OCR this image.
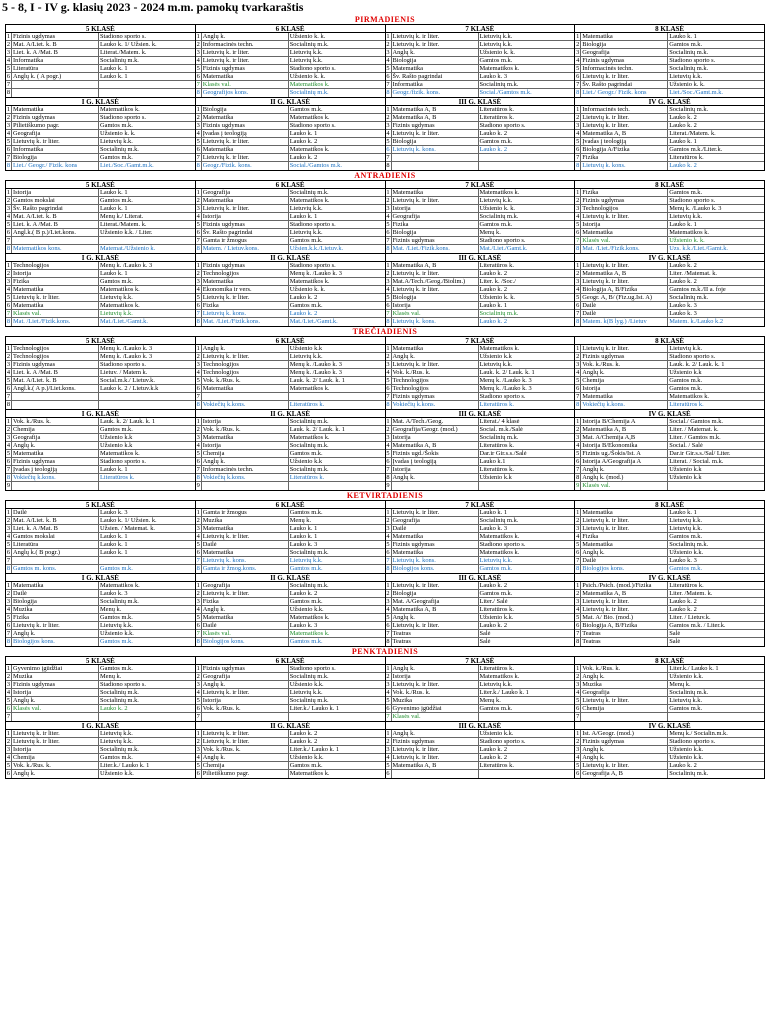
5 - 8, I - IV g. klasių 2023 - 2024 m.m. pamokų tvarkaraštis
PIRMADIENIS
5 KLASĖ
1 Fizinis ugdymas	Stadiono sporto s.
2 Mat. A/Liet. k. B	Lauko k. 1/ Užsien. k.
3 Liet. k. A /Mat. B	Literat./Matem. k.
4 Informatika	Socialinių m.k.
5 Literatūra	Lauko k. 1
6 Anglų k. ( A pogr.)	Lauko k. 1
7
8
6 KLASĖ
1 Anglų k.	Užsienio k. k.
2 Informacinės techn.	Socialinių m.k.
3 Lietuvių k. ir liter.	Lietuvių k.k.
4 Lietuvių k. ir liter.	Lietuvių k.k.
5 Fizinis ugdymas	Stadiono sporto s.
6 Matematika	Užsienio k. k.
7 Klasės val.	Matematikos k.
8 Geografijos kons.	Socialinių m.k.
7 KLASĖ
1 Lietuvių k. ir liter.	Lietuvių k.k.
2 Lietuvių k. ir liter.	Lietuvių k.k.
3 Anglų k.	Užsienio k. k.
4 Biologija	Gamtos m.k.
5 Matematika	Matematikos k.
6 Šv. Rašto pagrindai	Lauko k. 3
7 Informatika	Socialinių m.k.
8 Geogr./fizik. kons.	Social./Gamtos m.k.
8 KLASĖ
1 Matematika	Lauko k. 1
2 Biologija	Gamtos m.k.
3 Geografija	Socialinių m.k.
4 Fizinis ugdymas	Stadiono sporto s.
5 Informacinės techn.	Socialinių m.k.
6 Lietuvių k. ir liter.	Lietuvių k.k.
7 Šv. Rašto pagrindai	Užsienio k. k.
8 Liet./ Geogr./ Fizik. kons	Liet./Soc./Gamt.m.k.
I G. KLASĖ
1 Matematika	Matematikos k.
2 Fizinis ugdymas	Stadiono sporto s.
3 Pilietiškumo pagr.	Gamtos m.k.
4 Geografija	Užsienio k. k.
5 Lietuvių k. ir liter.	Lietuvių k.k.
6 Informatika	Socialinių m.k.
7 Biologija	Gamtos m.k.
8 Liet./ Geogr./ Fizik. kons	Liet./Soc./Gamt.m.k.
II G. KLASĖ
1 Biologija	Gamtos m.k.
2 Matematika	Matematikos k.
3 Fizinis ugdymas	Stadiono sporto s.
4 Įvadas į teologiją	Lauko k. 1
5 Lietuvių k. ir liter.	Lauko k. 2
6 Matematika	Matematikos k.
7 Lietuvių k. ir liter.	Lauko k. 2
8 Geogr./Fizik. kons.	Social./Gamtos m.k.
III G. KLASĖ
1 Matematika A, B	Literatūros k.
2 Matematika A, B	Literatūros k.
3 Fizinis ugdymas	Stadiono sporto s.
4 Lietuvių k. ir liter.	Lauko k. 2
5 Biologija	Gamtos m.k.
6 Lietuvių k. kons.	Lauko k. 2
7
8
IV G. KLASĖ
1 Informacinės tech.	Socialinių m.k.
2 Lietuvių k. ir liter.	Lauko k. 2
3 Lietuvių k. ir liter.	Lauko k. 2
4 Matematika A, B	Literat./Matem. k.
5 Įvadas į teologiją	Lauko k. 1
6 Biologija A/Fizika	Gamtos m.k./Liter.k.
7 Fizika	Literatūros k.
8 Lietuvių k. kons.	Lauko k. 2
ANTRADIENIS
5 KLASĖ
1 Istorija	Lauko k. 1
2 Gamtos mokslai	Gamtos m.k.
3 Šv. Rašto pagrindai	Lauko k. 1
4 Mat. A/Liet. k. B	Menų k./ Literat.
5 Liet. k. A /Mat. B	Literat./Matem. k.
6 Angl.k.( B p.)/Liet.kons.	Užsienio k.k. / Liter.
7
8 Matematikos kons.	Matemat./Užsienio k.
6 KLASĖ
1 Geografija	Socialinių m.k.
2 Matematika	Matematikos k.
3 Lietuvių k. ir liter.	Lietuvių k.k.
4 Istorija	Lauko k. 1
5 Fizinis ugdymas	Stadiono sporto s.
6 Šv. Rašto pagrindai	Lietuvių k.k.
7 Gamta ir žmogus	Gamtos m.k.
8 Matem. / Lietuv.kons.	Užsien.k.k./Lietuv.k.
7 KLASĖ
1 Matematika	Matematikos k.
2 Lietuvių k. ir liter.	Lietuvių k.k.
3 Istorija	Užsienio k. k.
4 Geografija	Socialinių m.k.
5 Fizika	Gamtos m.k.
6 Biologija	Menų k.
7 Fizinis ugdymas	Stadiono sporto s.
8 Mat. /Liet./Fizik.kons.	Mat./Liet./Gamt.k.
8 KLASĖ
1 Fizika	Gamtos m.k.
2 Fizinis ugdymas	Stadiono sporto s.
3 Technologijos	Menų k. /Lauko k. 3
4 Lietuvių k. ir liter.	Lietuvių k.k.
5 Istorija	Lauko k. 1
6 Matematika	Matematikos k.
7 Klasės val.	Užsienio k. k.
8 Mat. /Liet./Fizik.kons.	Uzs. k.k./Liet./Gamt.k.
I G. KLASĖ
1 Technologijos	Menų k. /Lauko k. 3
2 Istorija	Lauko k. 1
3 Fizika	Gamtos m.k.
4 Matematika	Matematikos k.
5 Lietuvių k. ir liter.	Lietuvių k.k.
6 Matematika	Matematikos k.
7 Klasės val.	Lietuvių k.k.
8 Mat. /Liet./Fizik.kons.	Mat./Liet./Gamt.k.
II G. KLASĖ
1 Fizinis ugdymas	Stadiono sporto s.
2 Technologijos	Menų k. /Lauko k. 3
3 Matematika	Matematikos k.
4 Ekonomika ir vers.	Užsienio k. k.
5 Lietuvių k. ir liter.	Lauko k. 2
6 Fizika	Gamtos m.k.
7 Lietuvių k. kons.	Lauko k. 2
8 Mat. /Liet./Fizik.kons.	Mat./Liet./Gamt.k.
III G. KLASĖ
1 Matematika A, B	Literatūros k.
2 Lietuvių k. ir liter.	Lauko k. 2
3 Mat.A/Tech./Geog./Biolim.)	Liter. k. /Soc./
4 Lietuvių k. ir liter.	Lauko k. 2
5 Biologija	Užsienio k. k.
6 Istorija	Lauko k. 1
7 Klasės val.	Socialinių m.k.
8 Lietuvių k. kons.	Lauko k. 2
IV G. KLASĖ
1 Lietuvių k. ir liter.	Lauko k. 2
2 Matematika A, B	Liter. /Matemat. k.
3 Lietuvių k. ir liter.	Lauko k. 2
4 Biologija A, B/Fizika	Gamtos m.k./II a. foje
5 Geogr. A, B/ (Fiz.ug.Ist. A)	Socialinių m.k.
6 Dailė	Lauko k. 3
7 Dailė	Lauko k. 3
8 Matem. k(B lyg.) /Lietuv	Matem. k./Lauko k.2
TREČIADIENIS
5 KLASĖ
1 Technologijos	Menų k. /Lauko k. 3
2 Technologijos	Menų k. /Lauko k. 3
3 Fizinis ugdymas	Stadiono sporto s.
4 Liet. k. A /Mat. B	Lietuv. / Matem k.
5 Mat. A/Liet. k. B	Social.m.k./ Lietuv.k.
6 Angl.k.( A p.)/Liet.kons.	Lauko k. 2 / Lietuv.k.k
7
8
6 KLASĖ
1 Anglų k.	Užsienio k.k
2 Lietuvių k. ir liter.	Lietuvių k.k.
3 Technologijos	Menų k. /Lauko k. 3
4 Technologijos	Menų k. /Lauko k. 3
5 Vok. k./Rus. k.	Lauk. k. 2/ Lauk. k. 1
6 Matematika	Matematikos k.
7
8 Vokiečių k.kons.	Literatūros k.
7 KLASĖ
1 Matematika	Matematikos k.
2 Anglų k.	Užsienio k.k
3 Lietuvių k. ir liter.	Lietuvių k.k.
4 Vok. k./Rus. k.	Lauk. k. 2/ Lauk. k. 1
5 Technologijos	Menų k. /Lauko k. 3
6 Technologijos	Menų k. /Lauko k. 3
7 Fizinis ugdymas	Stadiono sporto s.
8 Vokiečių k.kons.	Literatūros k.
8 KLASĖ
1 Lietuvių k. ir liter.	Lietuvių k.k.
2 Fizinis ugdymas	Stadiono sporto s.
3 Vok. k./Rus. k.	Lauk. k. 2/ Lauk. k. 1
4 Anglų k.	Užsienio k.k
5 Chemija	Gamtos m.k.
6 Istorija	Gamtos m.k.
7 Matematika	Matematikos k.
8 Vokiečių k.kons.	Literatūros k.
I G. KLASĖ
1 Vok. k./Rus. k.	Lauk. k. 2/ Lauk. k. 1
2 Chemija	Gamtos m.k.
3 Geografija	Užsienio k.k
4 Anglų k.	Užsienio k.k
5 Matematika	Matematikos k.
6 Fizinis ugdymas	Stadiono sporto s.
7 Įvadas į teologiją	Lauko k. 1
8 Vokiečių k.kons.	Literatūros k.
9
II G. KLASĖ
1 Istorija	Socialinių m.k.
2 Vok. k./Rus. k.	Lauk. k. 2/ Lauk. k. 1
3 Matematika	Matematikos k.
4 Istorija	Socialinių m.k.
5 Chemija	Gamtos m.k.
6 Anglų k.	Užsienio k.k
7 Informacinės techn.	Socialinių m.k.
8 Vokiečių k.kons.	Literatūros k.
9
III G. KLASĖ
1 Mat. A/Tech./Geog.	Literat./ 4 klasė
2 Geografija/Geogr. (mod.)	Social. m.k./Salė
3 Istorija	Socialinių m.k.
4 Matematika A, B	Literatūros k.
5 Fizinis ugd./Šokis	Dar.ir Gir.s.s./Salė
6 Įvadas į teologiją	Lauko k.1
7 Istorija	Literatūros k.
8 Anglų k.	Užsienio k.k
9
IV G. KLASĖ
1 Istorija B/Chemija A	Social./ Gamtos m.k.
2 Matematika A, B	Liter. / Matemat. k.
3 Mat. A/Chemija A,B	Liter. / Gamtos m.k.
4 Istorija B/Ekonomika	Social. / Salė
5 Fizinis ug./Šokis/Ist. A	Dar.ir Gir.s.s./Sal/ Liter.
6 Istorija A/Geografija A	Literat. / Social. m.k.
7 Anglų k.	Užsienio k.k
8 Anglų k. (mod.)	Užsienio k.k
9 Klasės val.
KETVIRTADIENIS
5 KLASĖ
1 Dailė	Lauko k. 3
2 Mat. A/Liet. k. B	Lauko k. 1/ Užsien. k.
3 Liet. k. A /Mat. B	Užsien. / Matemat. k.
4 Gamtos mokslai	Lauko k. 1
5 Literatūra	Lauko k. 1
6 Anglų k.( B pogr.)	Lauko k. 1
7
8 Gamtos m. kons.	Gamtos m.k.
6 KLASĖ
1 Gamta ir žmogus	Gamtos m.k.
2 Muzika	Menų k.
3 Matematika	Lauko k. 1
4 Lietuvių k. ir liter.	Lauko k. 1
5 Dailė	Lauko k. 3
6 Matematika	Socialinių m.k.
7 Lietuvių k. kons.	Lietuvių k.k.
8 Gamta ir žmog.kons.	Gamtos m.k.
7 KLASĖ
1 Lietuvių k. ir liter.	Lauko k. 1
2 Geografija	Socialinių m.k.
3 Dailė	Lauko k. 3
4 Matematika	Matematikos k.
5 Fizinis ugdymas	Stadiono sporto s.
6 Matematika	Matematikos k.
7 Lietuvių k. kons.	Lietuvių k.k.
8 Biologijos kons.	Gamtos m.k.
8 KLASĖ
1 Matematika	Lauko k. 1
2 Lietuvių k. ir liter.	Lietuvių k.k.
3 Lietuvių k. ir liter.	Lietuvių k.k.
4 Fizika	Gamtos m.k.
5 Matematika	Socialinių m.k.
6 Anglų k.	Užsienio k.k.
7 Dailė	Lauko k. 3
8 Biologijos kons.	Gamtos m.k.
I G. KLASĖ
1 Matematika	Matematikos k.
2 Dailė	Lauko k. 3
3 Biologija	Socialinių m.k.
4 Muzika	Menų k.
5 Fizika	Gamtos m.k.
6 Lietuvių k. ir liter.	Lietuvių k.k.
7 Anglų k.	Užsienio k.k.
8 Biologijos kons.	Gamtos m.k.
II G. KLASĖ
1 Geografija	Socialinių m.k.
2 Lietuvių k. ir liter.	Lauko k. 2
3 Fizika	Gamtos m.k.
4 Anglų k.	Užsienio k.k.
5 Matematika	Matematikos k.
6 Dailė	Lauko k. 3
7 Klasės val.	Matematikos k.
8 Biologijos kons.	Gamtos m.k.
III G. KLASĖ
1 Lietuvių k. ir liter.	Lauko k. 2
2 Biologija	Gamtos m.k.
3 Mat. A/Geografija	Liter./ Salė
4 Matematika A, B	Literatūros k.
5 Anglų k.	Užsienio k.k.
6 Lietuvių k. ir liter.	Lauko k. 2
7 Teatras	Salė
8 Teatras	Salė
IV G. KLASĖ
1 Psich./Psich. (mod.)/Fizika	Literatūros k.
2 Matematika A, B	Liter. /Matem. k.
3 Lietuvių k. ir liter.	Lauko k. 2
4 Lietuvių k. ir liter.	Lauko k. 2
5 Mat. A/ Bio. (mod.)	Liter. / Lietuv.k.
6 Biologija A, B/Fizika	Gamtos m.k. / Liter.k.
7 Teatras	Salė
8 Teatras	Salė
PENKTADIENIS
5 KLASĖ
1 Gyvenimo įgūdžiai	Gamtos m.k.
2 Muzika	Menų k.
3 Fizinis ugdymas	Stadiono sporto s.
4 Istorija	Socialinių m.k.
5 Anglų k.	Socialinių m.k.
6 Klasės val.	Lauko k. 2
7
6 KLASĖ
1 Fizinis ugdymas	Stadiono sporto s.
2 Geografija	Socialinių m.k.
3 Anglų k.	Užsienio k.k.
4 Lietuvių k. ir liter.	Lietuvių k.k.
5 Istorija	Socialinių m.k.
6 Vok. k./Rus. k.	Liter.k./ Lauko k. 1
7
7 KLASĖ
1 Anglų k.	Literatūros k.
2 Istorija	Matematikos k.
3 Lietuvių k. ir liter.	Lietuvių k.k.
4 Vok. k./Rus. k.	Liter.k./ Lauko k. 1
5 Muzika	Menų k.
6 Gyvenimo įgūdžiai	Gamtos m.k.
7 Klasės val.
8 KLASĖ
1 Vok. k./Rus. k.	Liter.k./ Lauko k. 1
2 Anglų k.	Užsienio k.k.
3 Muzika	Menų k.
4 Geografija	Socialinių m.k.
5 Lietuvių k. ir liter.	Lietuvių k.k.
6 Chemija	Gamtos m.k.
7
I G. KLASĖ
1 Lietuvių k. ir liter.	Lietuvių k.k.
2 Lietuvių k. ir liter.	Lietuvių k.k.
3 Istorija	Socialinių m.k.
4 Chemija	Gamtos m.k.
5 Vok. k./Rus. k.	Liter.k./ Lauko k. 1
6 Anglų k.	Užsienio k.k.
II G. KLASĖ
1 Lietuvių k. ir liter.	Lauko k. 2
2 Lietuvių k. ir liter.	Lauko k. 2
3 Vok. k./Rus. k.	Liter.k./ Lauko k. 1
4 Anglų k.	Užsienio k.k.
5 Chemija	Gamtos m.k.
6 Pilietiškumo pagr.	Matematikos k.
III G. KLASĖ
1 Anglų k.	Užsienio k.k.
2 Fizinis ugdymas	Stadiono sporto s.
3 Lietuvių k. ir liter.	Lauko k. 2
4 Lietuvių k. ir liter.	Lauko k. 2
5 Matematika A, B	Literatūros k.
6
IV G. KLASĖ
1 Ist. A/Geogr. (mod.)	Menų k./ Socialin.m.k.
2 Fizinis ugdymas	Stadiono sporto s.
3 Anglų k.	Užsienio k.k.
4 Anglų k.	Užsienio k.k.
5 Lietuvių k. ir liter.	Lauko k. 2
6 Geografija A, B	Socialinių m.k.
